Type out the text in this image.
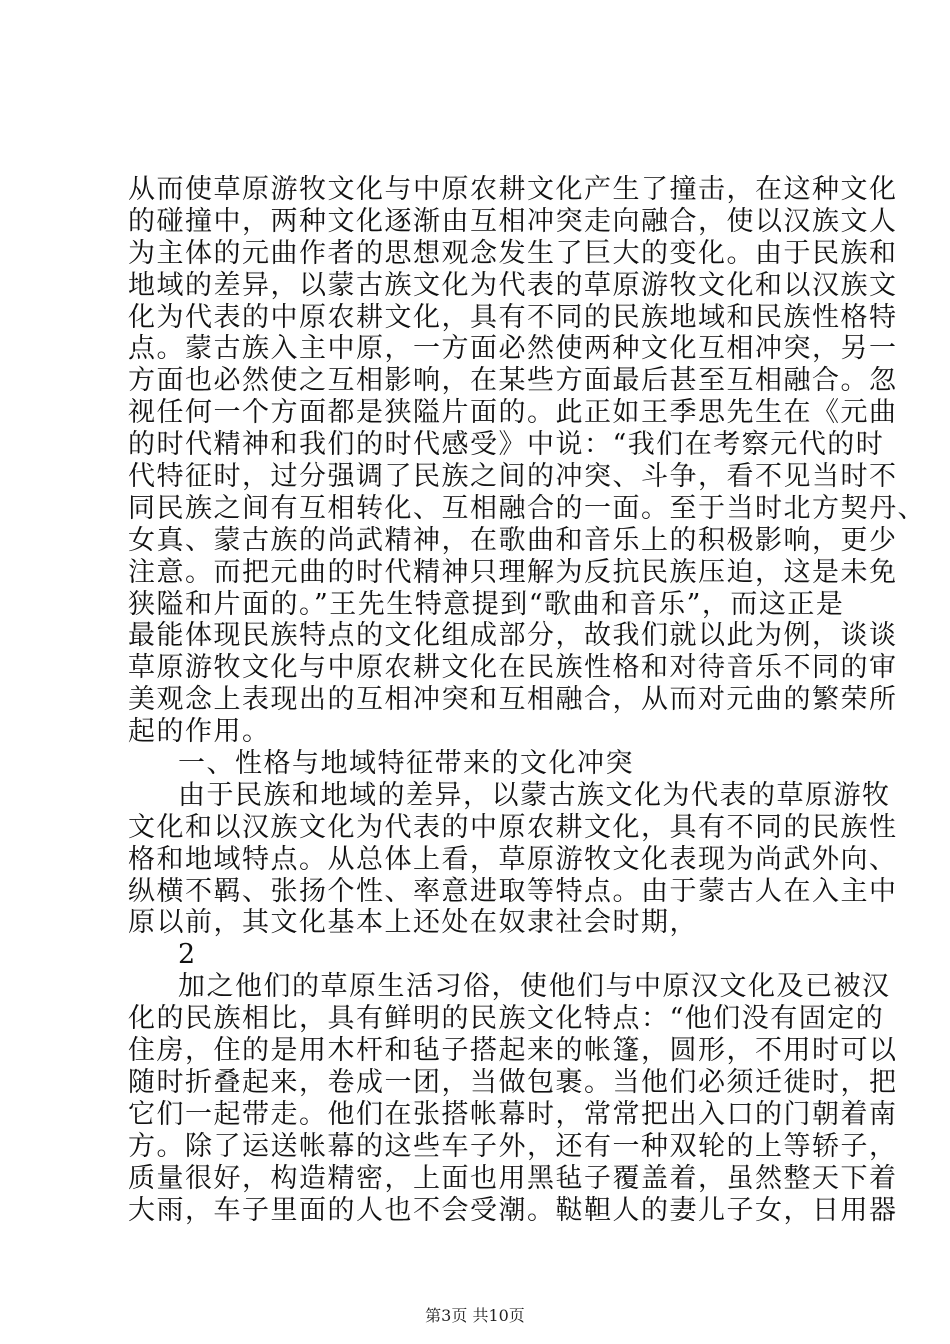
从而使草原游牧文化与中原农耕文化产生了撞击，在这种文化
的碰撞中，两种文化逐渐由互相冲突走向融合，使以汉族文人
为主体的元曲作者的思想观念发生了巨大的变化。由于民族和
地域的差异，以蒙古族文化为代表的草原游牧文化和以汉族文
化为代表的中原农耕文化，具有不同的民族地域和民族性格特
点。蒙古族入主中原，一方面必然使两种文化互相冲突，另一
方面也必然使之互相影响，在某些方面最后甚至互相融合。忽
视任何一个方面都是狭隘片面的。此正如王季思先生在《元曲
的时代精神和我们的时代感受》中说：“我们在考察元代的时
代特征时，过分强调了民族之间的冲突、斗争，看不见当时不
同民族之间有互相转化、互相融合的一面。至于当时北方契丹、
女真、蒙古族的尚武精神，在歌曲和音乐上的积极影响，更少
注意。而把元曲的时代精神只理解为反抗民族压迫，这是未免
狭隘和片面的。”王先生特意提到“歌曲和音乐”，而这正是
最能体现民族特点的文化组成部分，故我们就以此为例，谈谈
草原游牧文化与中原农耕文化在民族性格和对待音乐不同的审
美观念上表现出的互相冲突和互相融合，从而对元曲的繁荣所
起的作用。
一、性格与地域特征带来的文化冲突
由于民族和地域的差异，以蒙古族文化为代表的草原游牧
文化和以汉族文化为代表的中原农耕文化，具有不同的民族性
格和地域特点。从总体上看，草原游牧文化表现为尚武外向、
纵横不羁、张扬个性、率意进取等特点。由于蒙古人在入主中
原以前，其文化基本上还处在奴隶社会时期，
2
加之他们的草原生活习俗，使他们与中原汉文化及已被汉
化的民族相比，具有鲜明的民族文化特点：“他们没有固定的
住房，住的是用木杆和毡子搭起来的帐篷，圆形，不用时可以
随时折叠起来，卷成一团，当做包裹。当他们必须迁徙时，把
它们一起带走。他们在张搭帐幕时，常常把出入口的门朝着南
方。除了运送帐幕的这些车子外，还有一种双轮的上等轿子，
质量很好，构造精密，上面也用黑毡子覆盖着，虽然整天下着
大雨，车子里面的人也不会受潮。鞑靼人的妻儿子女，日用器
第3页 共10页
